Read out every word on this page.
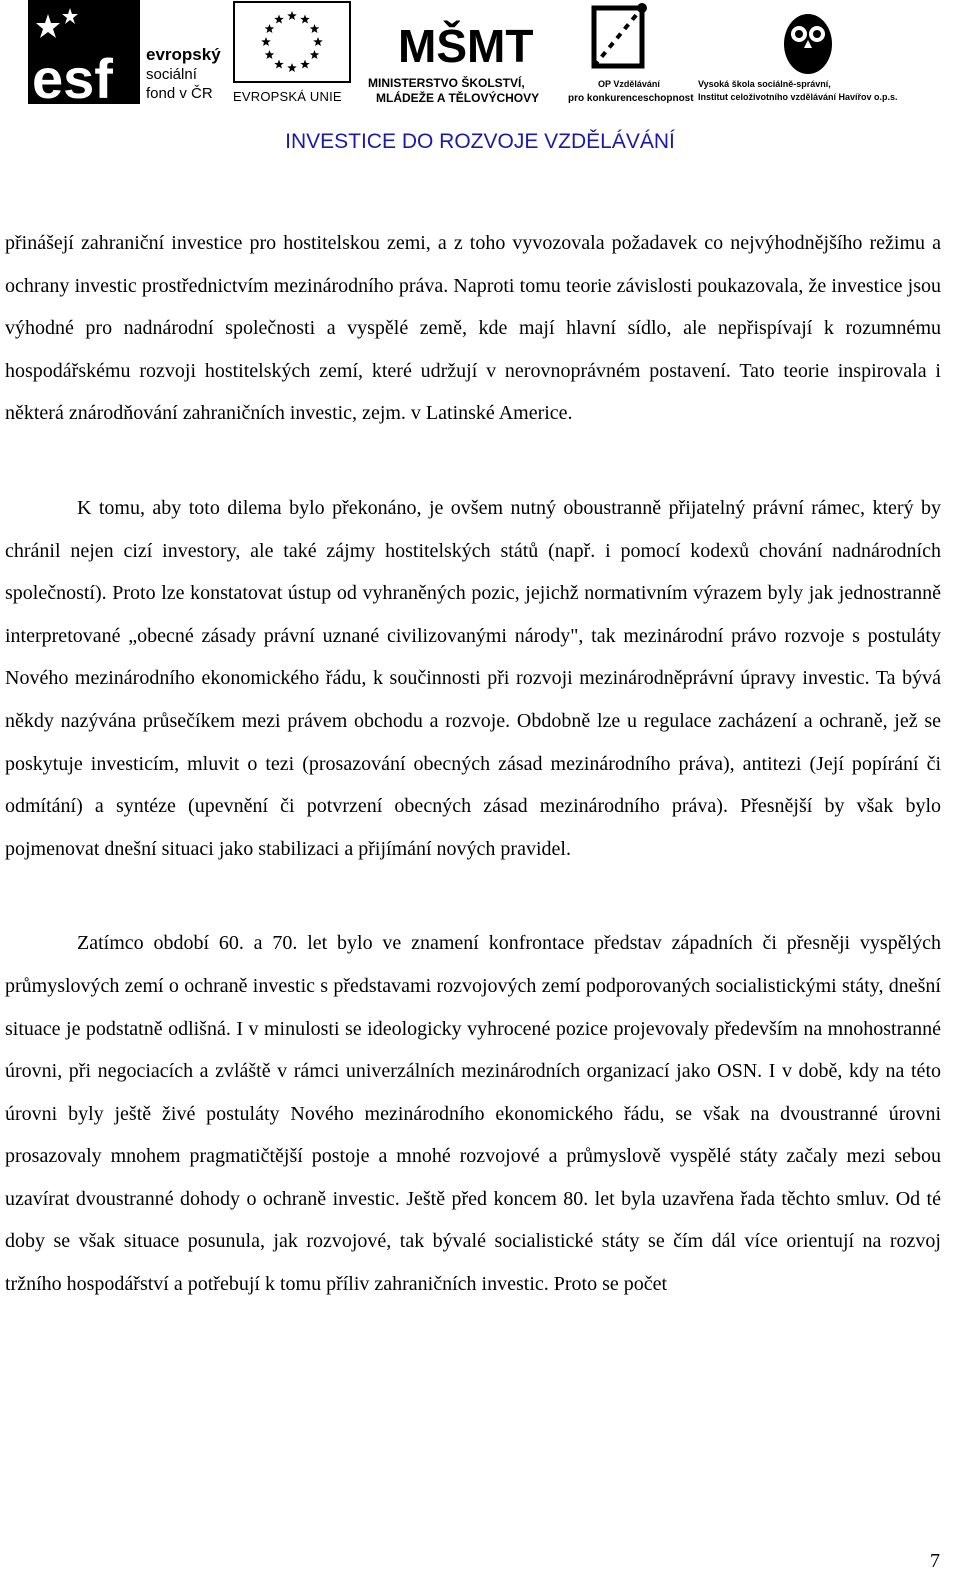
esf evropský
sociální
fond v ČR EVROPSKÁ UNIE
MŠMT
MINISTERSTVO ŠKOLSTVÍ,
MLÁDEŽE A TĚLOVÝCHOVY
OP Vzdělávání
pro konkurenceschopnost
Vysoká škola sociálně-správní,
Institut celoživotního vzdělávání Havířov o.p.s.
INVESTICE DO ROZVOJE VZDĚLÁVÁNÍ

přinášejí zahraniční investice pro hostitelskou zemi, a z toho vyvozovala požadavek co nejvýhodnějšího režimu a ochrany investic prostřednictvím mezinárodního práva. Naproti tomu teorie závislosti poukazovala, že investice jsou výhodné pro nadnárodní společnosti a vyspělé země, kde mají hlavní sídlo, ale nepřispívají k rozumnému hospodářskému rozvoji hostitelských zemí, které udržují v nerovnoprávném postavení. Tato teorie inspirovala i některá znárodňování zahraničních investic, zejm. v Latinské Americe.

K tomu, aby toto dilema bylo překonáno, je ovšem nutný oboustranně přijatelný právní rámec, který by chránil nejen cizí investory, ale také zájmy hostitelských států (např. i pomocí kodexů chování nadnárodních společností). Proto lze konstatovat ústup od vyhraněných pozic, jejichž normativním výrazem byly jak jednostranně interpretované „obecné zásady právní uznané civilizovanými národy", tak mezinárodní právo rozvoje s postuláty Nového mezinárodního ekonomického řádu, k součinnosti při rozvoji mezinárodněprávní úpravy investic. Ta bývá někdy nazývána průsečíkem mezi právem obchodu a rozvoje. Obdobně lze u regulace zacházení a ochraně, jež se poskytuje investicím, mluvit o tezi (prosazování obecných zásad mezinárodního práva), antitezi (Její popírání či odmítání) a syntéze (upevnění či potvrzení obecných zásad mezinárodního práva). Přesnější by však bylo pojmenovat dnešní situaci jako stabilizaci a přijímání nových pravidel.

Zatímco období 60. a 70. let bylo ve znamení konfrontace představ západních či přesněji vyspělých průmyslových zemí o ochraně investic s představami rozvojových zemí podporovaných socialistickými státy, dnešní situace je podstatně odlišná. I v minulosti se ideologicky vyhrocené pozice projevovaly především na mnohostranné úrovni, při negociacích a zvláště v rámci univerzálních mezinárodních organizací jako OSN. I v době, kdy na této úrovni byly ještě živé postuláty Nového mezinárodního ekonomického řádu, se však na dvoustranné úrovni prosazovaly mnohem pragmatičtější postoje a mnohé rozvojové a průmyslově vyspělé státy začaly mezi sebou uzavírat dvoustranné dohody o ochraně investic. Ještě před koncem 80. let byla uzavřena řada těchto smluv. Od té doby se však situace posunula, jak rozvojové, tak bývalé socialistické státy se čím dál více orientují na rozvoj tržního hospodářství a potřebují k tomu příliv zahraničních investic. Proto se počet

7
